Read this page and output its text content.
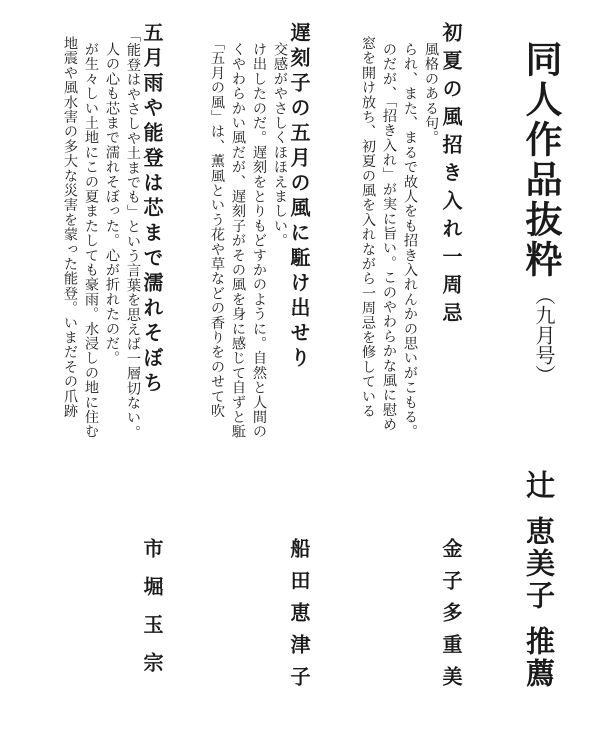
同人作品抜粋
（九月号）
辻恵美子推薦
初夏の風招き入れ一周忌
金子多重美
窓を開け放ち、初夏の風を入れながら一周忌を修している のだが、「招き入れ」が実に旨い。このやわらかな風に慰め られ、また、まるで故人をも招き入れんかの思いがこもる。 風格のある句。
遅刻子の五月の風に駈け出せり
船田恵津子
「五月の風」は、薫風という花や草などの香りをのせて吹 くやわらかい風だが、遅刻子がその風を身に感じて自ずと駈 け出したのだ。遅刻をとりもどすかのように。自然と人間の 交感がやさしくほほえましい。
五月雨や能登は芯まで濡れそぼち
市堀玉宗
地震や風水害の多大な災害を蒙った能登。いまだその爪跡 が生々しい土地にこの夏またしても豪雨。水浸しの地に住む 人の心も芯まで濡れそぼった。心が折れたのだ。 「能登はやさしや土までも」という言葉を思えば一層切ない。
